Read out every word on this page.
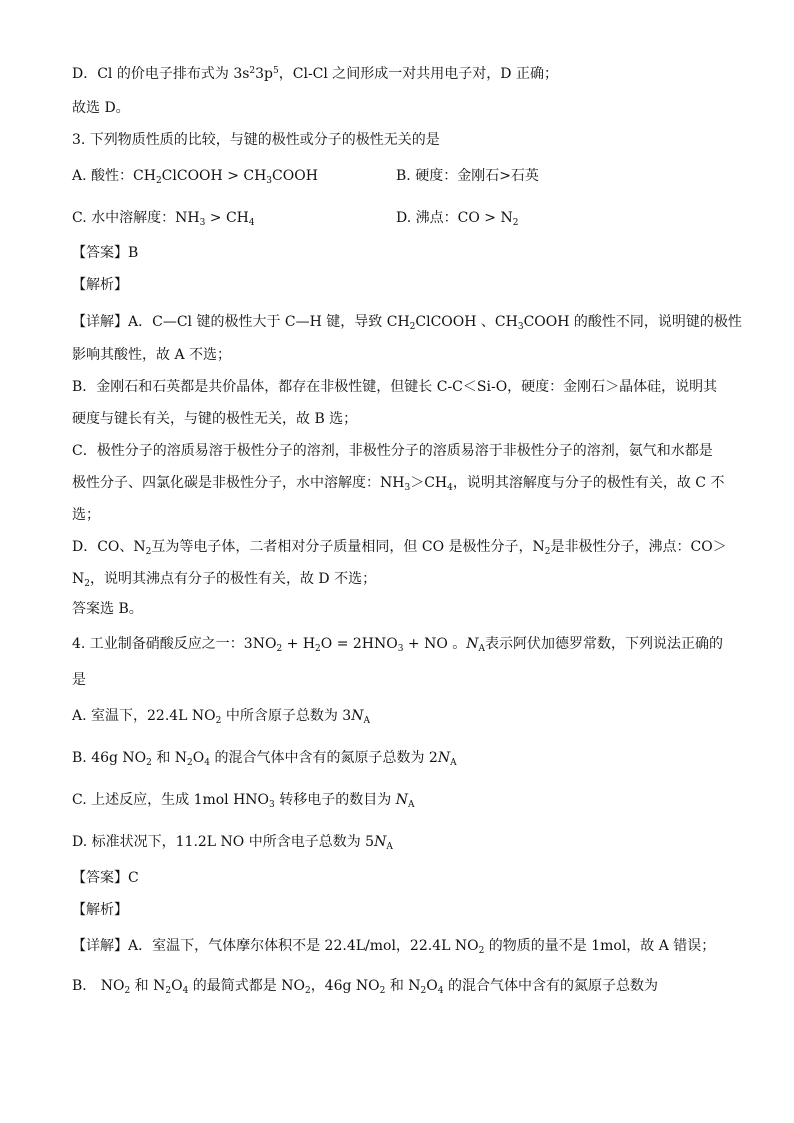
D．Cl 的价电子排布式为 $3s^23p^5$，Cl-Cl 之间形成一对共用电子对，D 正确；
故选 D。
3. 下列物质性质的比较，与键的极性或分子的极性无关的是
A. 酸性：$CH_2ClCOOH$ > $CH_3COOH$	B. 硬度：金刚石>石英
C. 水中溶解度：$NH_3 > CH_4$	D. 沸点：CO > $N_2$
【答案】B
【解析】
【详解】A．C—Cl 键的极性大于 C—H 键，导致 $CH_2ClCOOH$ 、$CH_3COOH$ 的酸性不同，说明键的极性
影响其酸性，故 A 不选；
B．金刚石和石英都是共价晶体，都存在非极性键，但键长 C-C＜Si-O，硬度：金刚石＞晶体硅，说明其
硬度与键长有关，与键的极性无关，故 B 选；
C．极性分子的溶质易溶于极性分子的溶剂，非极性分子的溶质易溶于非极性分子的溶剂，氨气和水都是
极性分子、四氯化碳是非极性分子，水中溶解度：$NH_3>CH_4$，说明其溶解度与分子的极性有关，故 C 不
选；
D．CO、$N_2$互为等电子体，二者相对分子质量相同，但 CO 是极性分子，$N_2$是非极性分子，沸点：CO＞
$N_2$，说明其沸点有分子的极性有关，故 D 不选；
答案选 B。
4. 工业制备硝酸反应之一：$3NO_2 + H_2O = 2HNO_3$ + NO 。$N_A$表示阿伏加德罗常数，下列说法正确的
是
A. 室温下，22.4L $NO_2$ 中所含原子总数为 $3N_A$
B. 46g $NO_2$ 和 $N_2O_4$ 的混合气体中含有的氮原子总数为 $2N_A$
C. 上述反应，生成 1mol $HNO_3$ 转移电子的数目为 $N_A$
D. 标准状况下，11.2L NO 中所含电子总数为 $5N_A$
【答案】C
【解析】
【详解】A．室温下，气体摩尔体积不是 22.4L/mol，22.4L $NO_2$ 的物质的量不是 1mol，故 A 错误；
B． $NO_2$ 和 $N_2O_4$ 的最简式都是 $NO_2$，46g $NO_2$ 和 $N_2O_4$ 的混合气体中含有的氮原子总数为
